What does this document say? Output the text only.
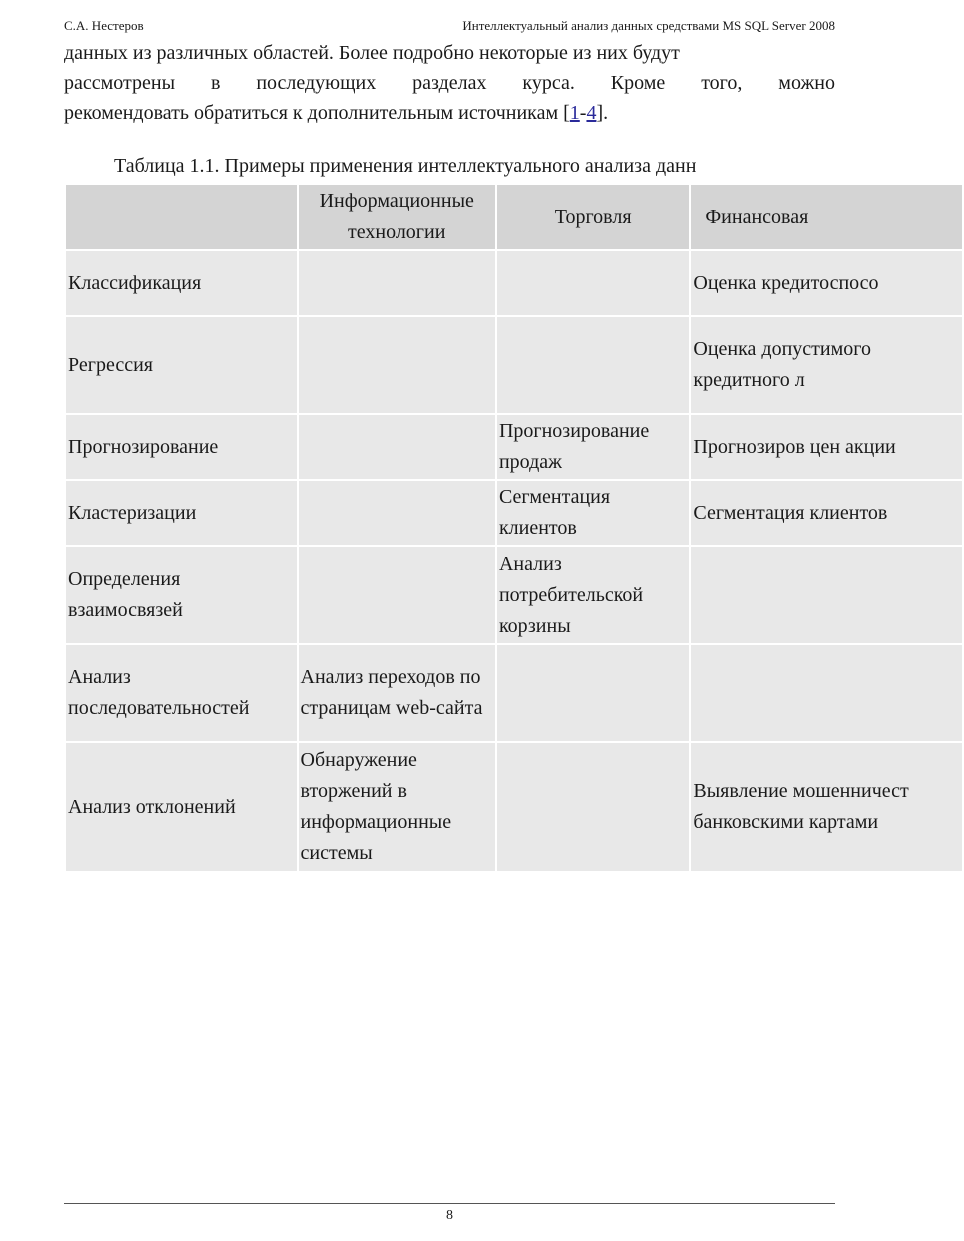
С.А. Нестеров	Интеллектуальный анализ данных средствами MS SQL Server 2008
данных из различных областей. Более подробно некоторые из них будут
рассмотрены в последующих разделах курса. Кроме того, можно
рекомендовать обратиться к дополнительным источникам [1-4].
Таблица 1.1. Примеры применения интеллектуального анализа данн
	Информационные технологии	Торговля	Финансовая
Классификация			Оценка кредитоспосо
Регрессия			Оценка допустимого кредитного л
Прогнозирование		Прогнозирование продаж	Прогнозиров цен акции
Кластеризации		Сегментация клиентов	Сегментация клиентов
Определения взаимосвязей		Анализ потребительской корзины	
Анализ последовательностей	Анализ переходов по страницам web-сайта		
Анализ отклонений	Обнаружение вторжений в информационные системы		Выявление мошенничест банковскими картами
8
